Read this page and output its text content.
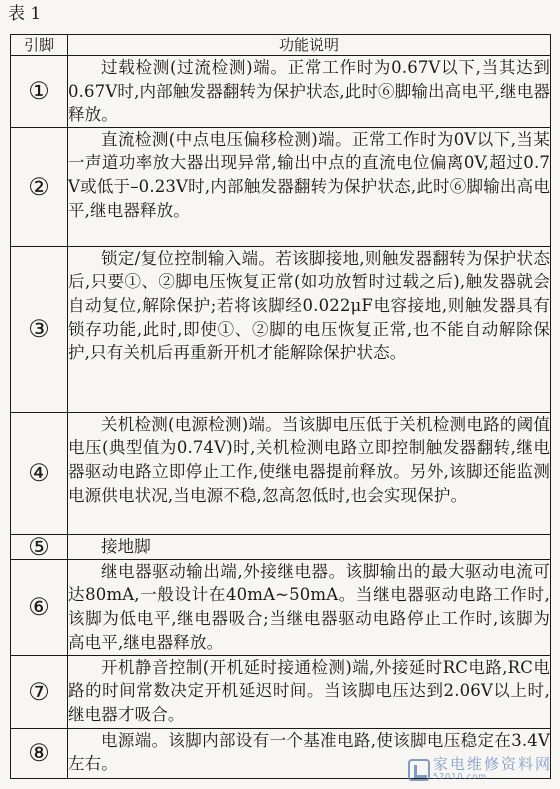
表 1
引脚	功能说明
①	过载检测(过流检测)端。正常工作时为0.67V以下,当其达到0.67V时,内部触发器翻转为保护状态,此时⑥脚输出高电平,继电器释放。
②	直流检测(中点电压偏移检测)端。正常工作时为0V以下,当某一声道功率放大器出现异常,输出中点的直流电位偏离0V,超过0.7V或低于–0.23V时,内部触发器翻转为保护状态,此时⑥脚输出高电平,继电器释放。
③	锁定/复位控制输入端。若该脚接地,则触发器翻转为保护状态后,只要①、②脚电压恢复正常(如功放暂时过载之后),触发器就会自动复位,解除保护;若将该脚经0.022μF电容接地,则触发器具有锁存功能,此时,即使①、②脚的电压恢复正常,也不能自动解除保护,只有关机后再重新开机才能解除保护状态。
④	关机检测(电源检测)端。当该脚电压低于关机检测电路的阈值电压(典型值为0.74V)时,关机检测电路立即控制触发器翻转,继电器驱动电路立即停止工作,使继电器提前释放。另外,该脚还能监测电源供电状况,当电源不稳,忽高忽低时,也会实现保护。
⑤	接地脚
⑥	继电器驱动输出端,外接继电器。该脚输出的最大驱动电流可达80mA,一般设计在40mA~50mA。当继电器驱动电路工作时,该脚为低电平,继电器吸合;当继电器驱动电路停止工作时,该脚为高电平,继电器释放。
⑦	开机静音控制(开机延时接通检测)端,外接延时RC电路,RC电路的时间常数决定开机延迟时间。当该脚电压达到2.06V以上时,继电器才吸合。
⑧	电源端。该脚内部设有一个基准电路,使该脚电压稳定在3.4V左右。	家电维修资料网
52010.com
